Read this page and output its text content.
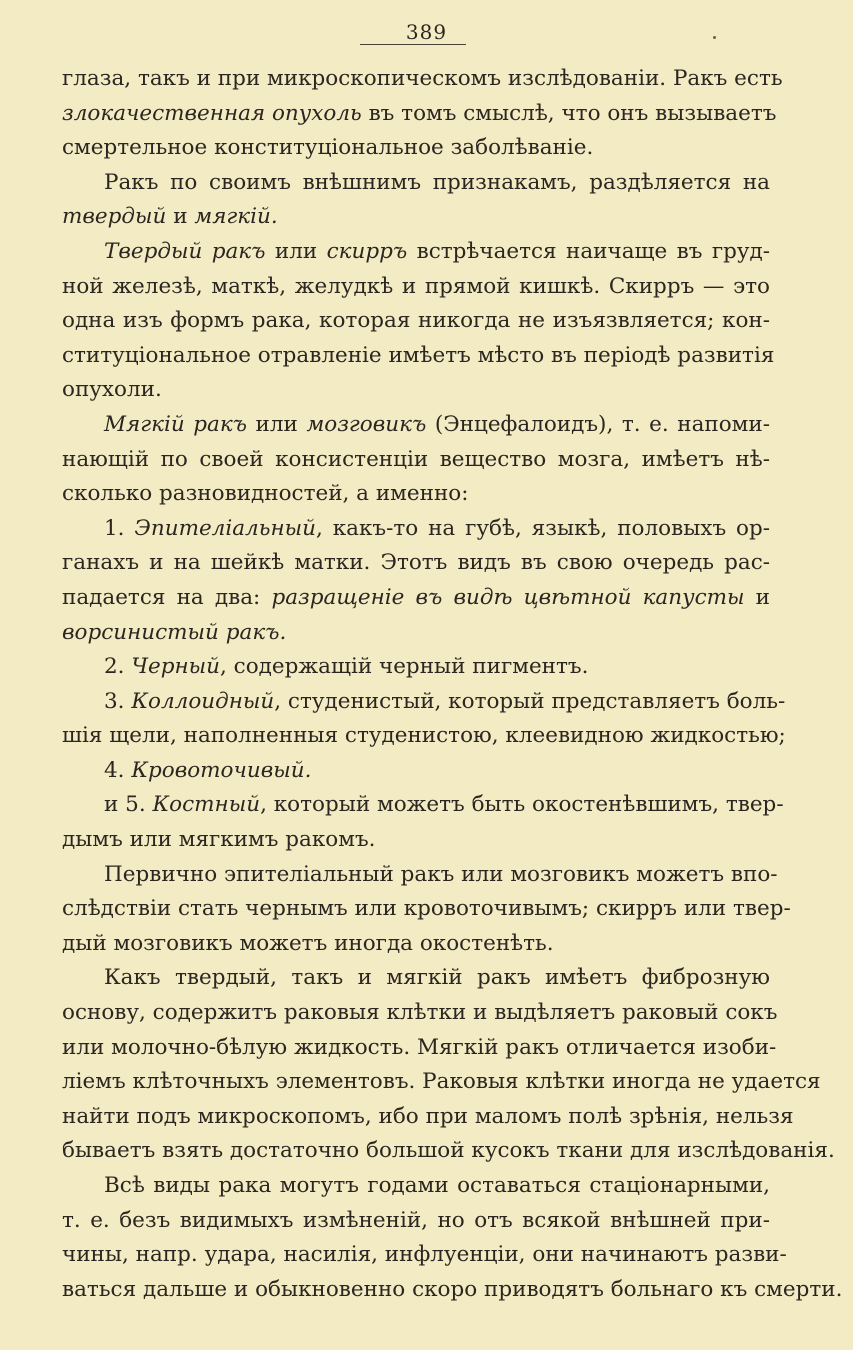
389
глаза, такъ и при микроскопическомъ изслѣдованіи. Ракъ есть
злокачественная опухоль въ томъ смыслѣ, что онъ вызываетъ
смертельное конституціональное заболѣваніе.
Ракъ по своимъ внѣшнимъ признакамъ, раздѣляется на
твердый и мягкій.
Твердый ракъ или скирръ встрѣчается наичаще въ груд-
ной железѣ, маткѣ, желудкѣ и прямой кишкѣ. Скирръ — это
одна изъ формъ рака, которая никогда не изъязвляется; кон-
ституціональное отравленіе имѣетъ мѣсто въ періодѣ развитія
опухоли.
Мягкій ракъ или мозговикъ (Энцефалоидъ), т. е. напоми-
нающій по своей консистенціи вещество мозга, имѣетъ нѣ-
сколько разновидностей, а именно:
1. Эпителіальный, какъ-то на губѣ, языкѣ, половыхъ ор-
ганахъ и на шейкѣ матки. Этотъ видъ въ свою очередь рас-
падается на два: разращеніе въ видѣ цвѣтной капусты и
ворсинистый ракъ.
2. Черный, содержащій черный пигментъ.
3. Коллоидный, студенистый, который представляетъ боль-
шія щели, наполненныя студенистою, клеевидною жидкостью;
4. Кровоточивый.
и 5. Костный, который можетъ быть окостенѣвшимъ, твер-
дымъ или мягкимъ ракомъ.
Первично эпителіальный ракъ или мозговикъ можетъ впо-
слѣдствіи стать чернымъ или кровоточивымъ; скирръ или твер-
дый мозговикъ можетъ иногда окостенѣть.
Какъ твердый, такъ и мягкій ракъ имѣетъ фиброзную
основу, содержитъ раковыя клѣтки и выдѣляетъ раковый сокъ
или молочно-бѣлую жидкость. Мягкій ракъ отличается изоби-
ліемъ клѣточныхъ элементовъ. Раковыя клѣтки иногда не удается
найти подъ микроскопомъ, ибо при маломъ полѣ зрѣнія, нельзя
бываетъ взять достаточно большой кусокъ ткани для изслѣдованія.
Всѣ виды рака могутъ годами оставаться стаціонарными,
т. е. безъ видимыхъ измѣненій, но отъ всякой внѣшней при-
чины, напр. удара, насилія, инфлуенціи, они начинаютъ разви-
ваться дальше и обыкновенно скоро приводятъ больнаго къ смерти.
